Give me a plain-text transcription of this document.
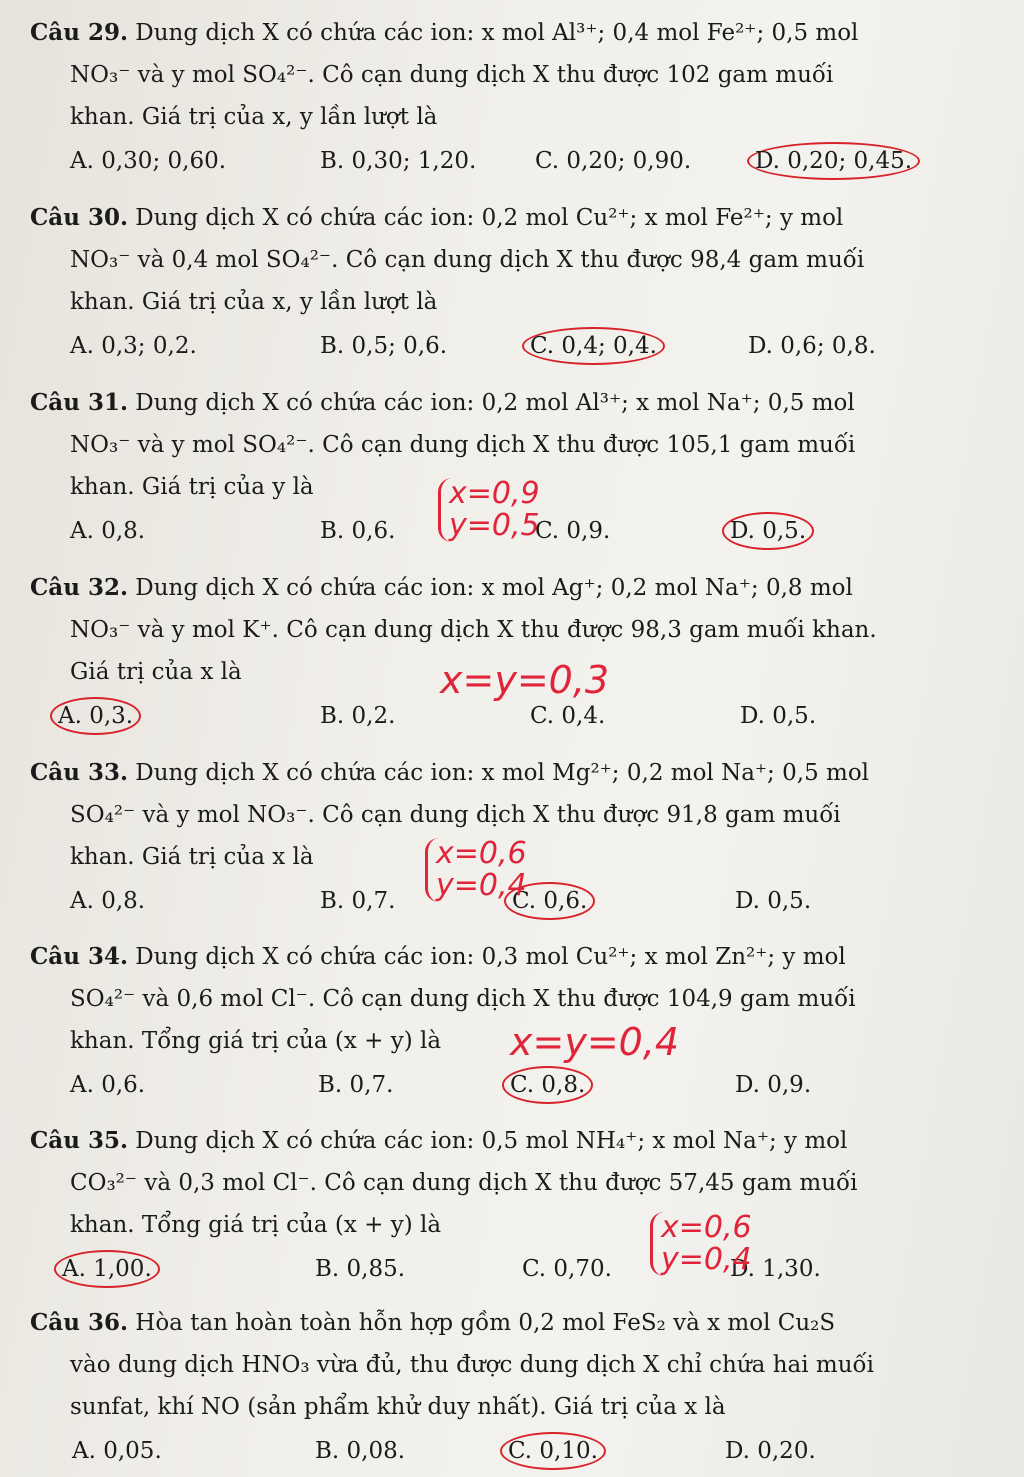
Câu 29. Dung dịch X có chứa các ion: x mol Al³⁺; 0,4 mol Fe²⁺; 0,5 mol
NO₃⁻ và y mol SO₄²⁻. Cô cạn dung dịch X thu được 102 gam muối
khan. Giá trị của x, y lần lượt là
A. 0,30; 0,60.	B. 0,30; 1,20.	C. 0,20; 0,90.	D. 0,20; 0,45.
Câu 30. Dung dịch X có chứa các ion: 0,2 mol Cu²⁺; x mol Fe²⁺; y mol
NO₃⁻ và 0,4 mol SO₄²⁻. Cô cạn dung dịch X thu được 98,4 gam muối
khan. Giá trị của x, y lần lượt là
A. 0,3; 0,2.	B. 0,5; 0,6.	C. 0,4; 0,4.	D. 0,6; 0,8.
Câu 31. Dung dịch X có chứa các ion: 0,2 mol Al³⁺; x mol Na⁺; 0,5 mol
NO₃⁻ và y mol SO₄²⁻. Cô cạn dung dịch X thu được 105,1 gam muối
khan. Giá trị của y là
A. 0,8.	B. 0,6.	C. 0,9.	D. 0,5.
x=0,9
y=0,5
Câu 32. Dung dịch X có chứa các ion: x mol Ag⁺; 0,2 mol Na⁺; 0,8 mol
NO₃⁻ và y mol K⁺. Cô cạn dung dịch X thu được 98,3 gam muối khan.
Giá trị của x là
A. 0,3.	B. 0,2.	C. 0,4.	D. 0,5.
x=y=0,3
Câu 33. Dung dịch X có chứa các ion: x mol Mg²⁺; 0,2 mol Na⁺; 0,5 mol
SO₄²⁻ và y mol NO₃⁻. Cô cạn dung dịch X thu được 91,8 gam muối
khan. Giá trị của x là
A. 0,8.	B. 0,7.	C. 0,6.	D. 0,5.
x=0,6
y=0,4
Câu 34. Dung dịch X có chứa các ion: 0,3 mol Cu²⁺; x mol Zn²⁺; y mol
SO₄²⁻ và 0,6 mol Cl⁻. Cô cạn dung dịch X thu được 104,9 gam muối
khan. Tổng giá trị của (x + y) là
A. 0,6.	B. 0,7.	C. 0,8.	D. 0,9.
x=y=0,4
Câu 35. Dung dịch X có chứa các ion: 0,5 mol NH₄⁺; x mol Na⁺; y mol
CO₃²⁻ và 0,3 mol Cl⁻. Cô cạn dung dịch X thu được 57,45 gam muối
khan. Tổng giá trị của (x + y) là
A. 1,00.	B. 0,85.	C. 0,70.	D. 1,30.
x=0,6
y=0,4
Câu 36. Hòa tan hoàn toàn hỗn hợp gồm 0,2 mol FeS₂ và x mol Cu₂S
vào dung dịch HNO₃ vừa đủ, thu được dung dịch X chỉ chứa hai muối
sunfat, khí NO (sản phẩm khử duy nhất). Giá trị của x là
A. 0,05.	B. 0,08.	C. 0,10.	D. 0,20.
